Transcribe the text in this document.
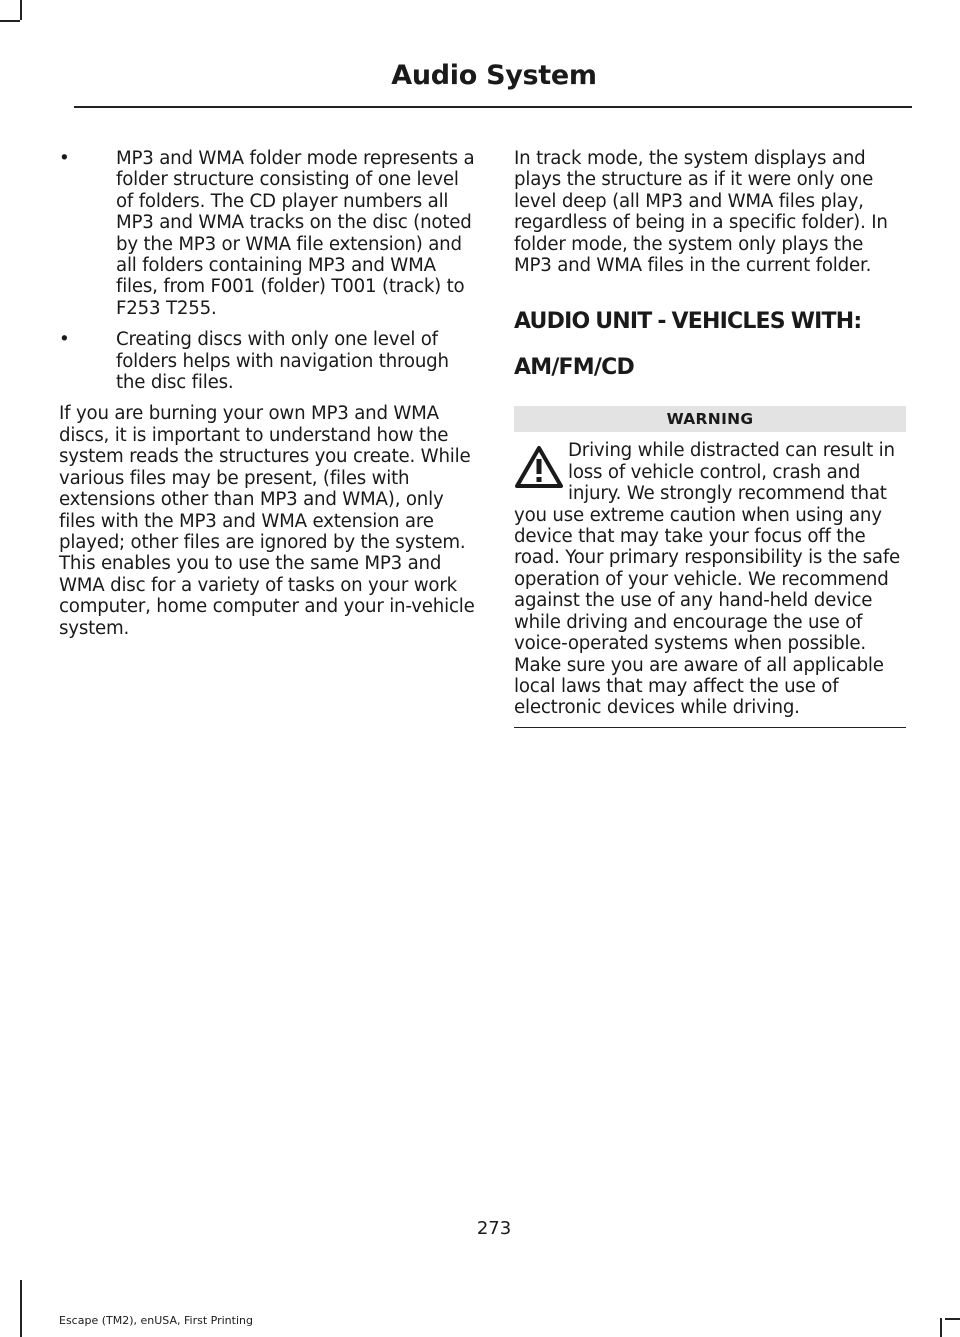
Audio System
•	MP3 and WMA folder mode represents a folder structure consisting of one level of folders. The CD player numbers all MP3 and WMA tracks on the disc (noted by the MP3 or WMA file extension) and all folders containing MP3 and WMA files, from F001 (folder) T001 (track) to F253 T255.
•	Creating discs with only one level of folders helps with navigation through the disc files.

If you are burning your own MP3 and WMA discs, it is important to understand how the system reads the structures you create. While various files may be present, (files with extensions other than MP3 and WMA), only files with the MP3 and WMA extension are played; other files are ignored by the system. This enables you to use the same MP3 and WMA disc for a variety of tasks on your work computer, home computer and your in-vehicle system.

In track mode, the system displays and plays the structure as if it were only one level deep (all MP3 and WMA files play, regardless of being in a specific folder). In folder mode, the system only plays the MP3 and WMA files in the current folder.

AUDIO UNIT - VEHICLES WITH:
AM/FM/CD
WARNING
Driving while distracted can result in loss of vehicle control, crash and injury. We strongly recommend that you use extreme caution when using any device that may take your focus off the road. Your primary responsibility is the safe operation of your vehicle. We recommend against the use of any hand-held device while driving and encourage the use of voice-operated systems when possible. Make sure you are aware of all applicable local laws that may affect the use of electronic devices while driving.
273
Escape (TM2), enUSA, First Printing
